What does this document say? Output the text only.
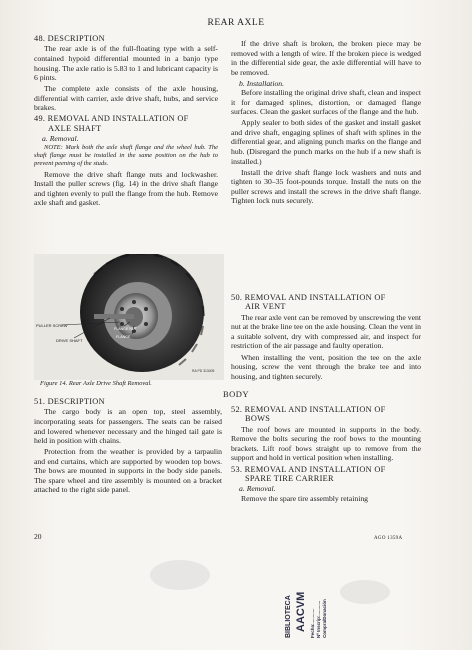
REAR AXLE
48. DESCRIPTION

The rear axle is of the full-floating type with a self-contained hypoid differential mounted in a banjo type housing. The axle ratio is 5.83 to 1 and lubricant capacity is 6 pints.

The complete axle consists of the axle housing, differential with carrier, axle drive shaft, hubs, and service brakes.

49. REMOVAL AND INSTALLATION OF
AXLE SHAFT
a. Removal.

NOTE: Mark both the axle shaft flange and the wheel hub. The shaft flange must be installed in the same position on the hub to prevent peening of the studs.

Remove the drive shaft flange nuts and lockwasher. Install the puller screws (fig. 14) in the drive shaft flange and tighten evenly to pull the flange from the hub. Remove axle shaft and gasket.

If the drive shaft is broken, the broken piece may be removed with a length of wire. If the broken piece is wedged in the differential side gear, the axle differential will have to be removed.

b. Installation.

Before installing the original drive shaft, clean and inspect it for damaged splines, distortion, or damaged flange surfaces. Clean the gasket surfaces of the flange and the hub.

Apply sealer to both sides of the gasket and install gasket and drive shaft, engaging splines of shaft with splines in the differential gear, and aligning punch marks on the flange and hub. (Disregard the punch marks on the hub if a new shaft is installed.)

Install the drive shaft flange lock washers and nuts and tighten to 30–35 foot-pounds torque. Install the nuts on the puller screws and install the screws in the drive shaft flange. Tighten lock nuts securely.

50. REMOVAL AND INSTALLATION OF
AIR VENT

The rear axle vent can be removed by unscrewing the vent nut at the brake line tee on the axle housing. Clean the vent in a suitable solvent, dry with compressed air, and inspect for restriction of the air passage and faulty operation.

When installing the vent, position the tee on the axle housing, screw the vent through the brake tee and into housing, and tighten securely.

PULLER SCREW
DRIVE SHAFT
FLANGE NUT
FLANGE
RA PD 313405
Figure 14. Rear Axle Drive Shaft Removal.
BODY
51. DESCRIPTION

The cargo body is an open top, steel assembly, incorporating seats for passengers. The seats can be raised and lowered whenever necessary and the hinged tail gate is held in position with chains.

Protection from the weather is provided by a tarpaulin and end curtains, which are supported by wooden top bows. The bows are mounted in supports in the body side panels. The spare wheel and tire assembly is mounted on a bracket attached to the right side panel.

52. REMOVAL AND INSTALLATION OF
BOWS

The roof bows are mounted in supports in the body. Remove the bolts securing the roof bows to the mounting brackets. Lift roof bows straight up to remove from the support and hold in vertical position when installing.

53. REMOVAL AND INSTALLATION OF
SPARE TIRE CARRIER
a. Removal.

Remove the spare tire assembly retaining

20	AGO 1359A
BIBLIOTECA AACVM Fecha:............ Nº Inscrip:............ Compra/Donación
